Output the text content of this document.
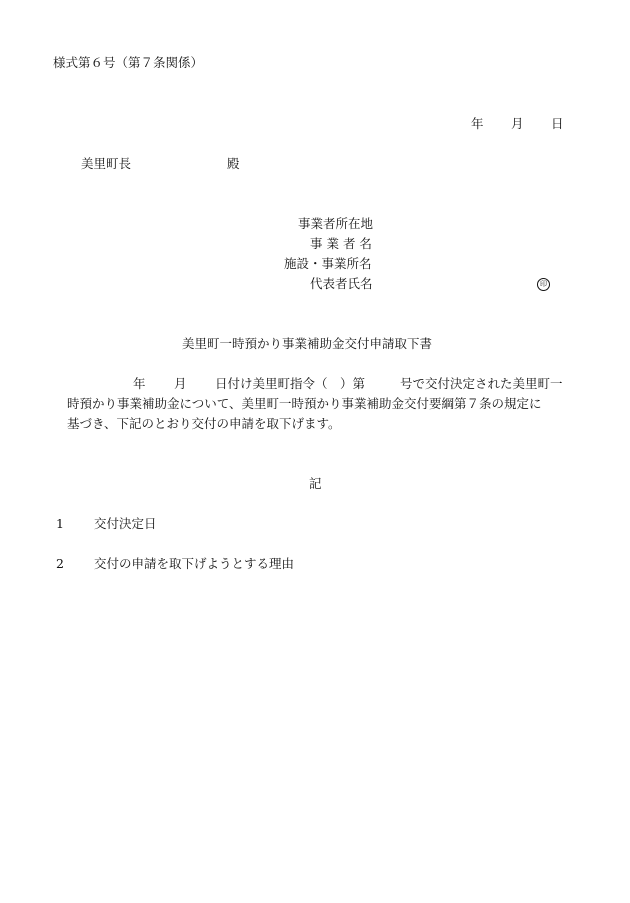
様式第６号（第７条関係）
年 月 日
美里町長	殿
事業者所在地
事 業 者 名
施設・事業所名
代表者氏名	印
美里町一時預かり事業補助金交付申請取下書
年 月 日付け美里町指令（　）第	号で交付決定された美里町一
時預かり事業補助金について、美里町一時預かり事業補助金交付要綱第７条の規定に
基づき、下記のとおり交付の申請を取下げます。
記
1 交付決定日
2 交付の申請を取下げようとする理由
